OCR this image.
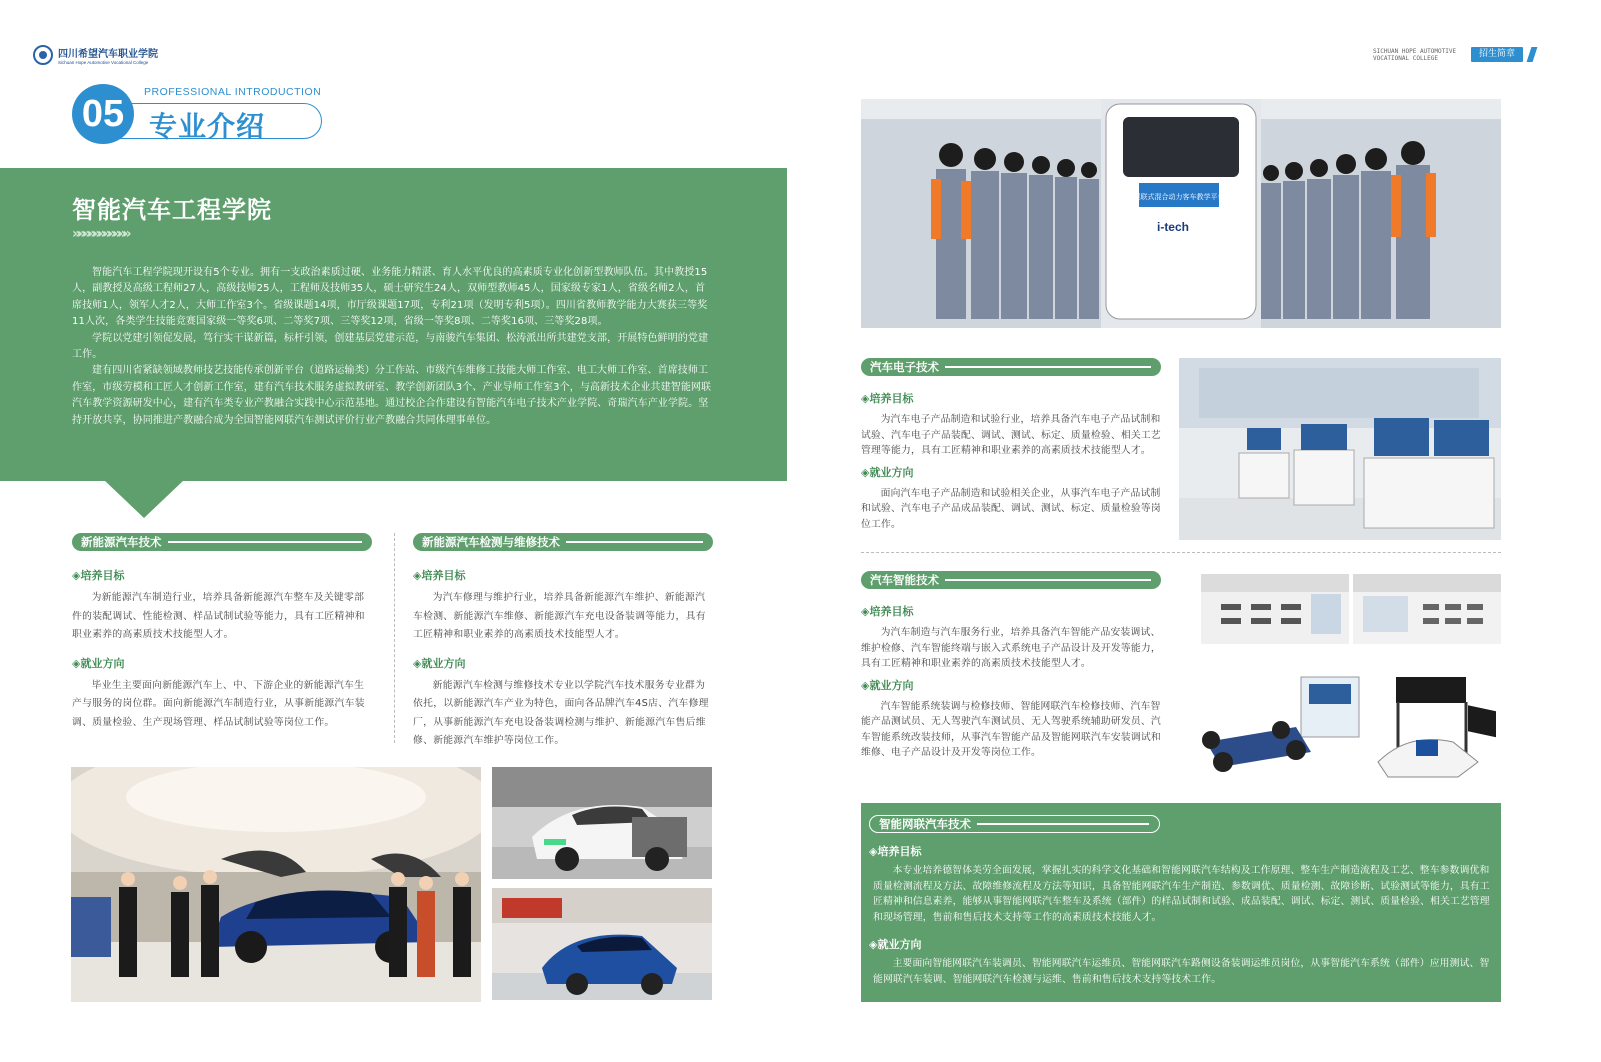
四川希望汽车职业学院
Sichuan Hope Automotive Vocational College
SICHUAN HOPE AUTOMOTIVE VOCATIONAL COLLEGE	招生简章
05
PROFESSIONAL INTRODUCTION
专业介绍
智能汽车工程学院
»»»»»»»»»»»

智能汽车工程学院现开设有5个专业。拥有一支政治素质过硬、业务能力精湛、育人水平优良的高素质专业化创新型教师队伍。其中教授15人，副教授及高级工程师27人，高级技师25人，工程师及技师35人，硕士研究生24人，双师型教师45人，国家级专家1人，省级名师2人，首席技师1人，领军人才2人，大师工作室3个。省级课题14项，市厅级课题17项，专利21项（发明专利5项）。四川省教师教学能力大赛获三等奖11人次，各类学生技能竞赛国家级一等奖6项、二等奖7项、三等奖12项，省级一等奖8项、二等奖16项、三等奖28项。

学院以党建引领促发展，笃行实干谋新篇，标杆引领，创建基层党建示范，与南骏汽车集团、松涛派出所共建党支部，开展特色鲜明的党建工作。

建有四川省紧缺领域教师技艺技能传承创新平台（道路运输类）分工作站、市级汽车维修工技能大师工作室、电工大师工作室、首席技师工作室，市级劳模和工匠人才创新工作室，建有汽车技术服务虚拟教研室、教学创新团队3个、产业导师工作室3个，与高新技术企业共建智能网联汽车教学资源研发中心，建有汽车类专业产教融合实践中心示范基地。通过校企合作建设有智能汽车电子技术产业学院、奇瑞汽车产业学院。坚持开放共享，协同推进产教融合成为全国智能网联汽车测试评价行业产教融合共同体理事单位。

新能源汽车技术
◈培养目标

为新能源汽车制造行业，培养具备新能源汽车整车及关键零部件的装配调试、性能检测、样品试制试验等能力，具有工匠精神和职业素养的高素质技术技能型人才。

◈就业方向

毕业生主要面向新能源汽车上、中、下游企业的新能源汽车生产与服务的岗位群。面向新能源汽车制造行业，从事新能源汽车装调、质量检验、生产现场管理、样品试制试验等岗位工作。

新能源汽车检测与维修技术
◈培养目标

为汽车修理与维护行业，培养具备新能源汽车维护、新能源汽车检测、新能源汽车维修、新能源汽车充电设备装调等能力，具有工匠精神和职业素养的高素质技术技能型人才。

◈就业方向

新能源汽车检测与维修技术专业以学院汽车技术服务专业群为依托，以新能源汽车产业为特色，面向各品牌汽车4S店、汽车修理厂，从事新能源汽车充电设备装调检测与维护、新能源汽车售后维修、新能源汽车维护等岗位工作。

混联式混合动力客车教学平台
i-tech
汽车电子技术
◈培养目标

为汽车电子产品制造和试验行业，培养具备汽车电子产品试制和试验、汽车电子产品装配、调试、测试、标定、质量检验、相关工艺管理等能力，具有工匠精神和职业素养的高素质技术技能型人才。

◈就业方向

面向汽车电子产品制造和试验相关企业，从事汽车电子产品试制和试验、汽车电子产品成品装配、调试、测试、标定、质量检验等岗位工作。

汽车智能技术
◈培养目标

为汽车制造与汽车服务行业，培养具备汽车智能产品安装调试、维护检修、汽车智能终端与嵌入式系统电子产品设计及开发等能力，具有工匠精神和职业素养的高素质技术技能型人才。

◈就业方向

汽车智能系统装调与检修技师、智能网联汽车检修技师、汽车智能产品测试员、无人驾驶汽车测试员、无人驾驶系统辅助研发员、汽车智能系统改装技师，从事汽车智能产品及智能网联汽车安装调试和维修、电子产品设计及开发等岗位工作。

智能网联汽车技术
◈培养目标

本专业培养德智体美劳全面发展，掌握扎实的科学文化基础和智能网联汽车结构及工作原理、整车生产制造流程及工艺、整车参数调优和质量检测流程及方法、故障维修流程及方法等知识，具备智能网联汽车生产制造、参数调优、质量检测、故障诊断、试验测试等能力，具有工匠精神和信息素养，能够从事智能网联汽车整车及系统（部件）的样品试制和试验、成品装配、调试、标定、测试、质量检验、相关工艺管理和现场管理，售前和售后技术支持等工作的高素质技术技能人才。

◈就业方向

主要面向智能网联汽车装调员、智能网联汽车运维员、智能网联汽车路侧设备装调运维员岗位，从事智能汽车系统（部件）应用测试、智能网联汽车装调、智能网联汽车检测与运维、售前和售后技术支持等技术工作。
